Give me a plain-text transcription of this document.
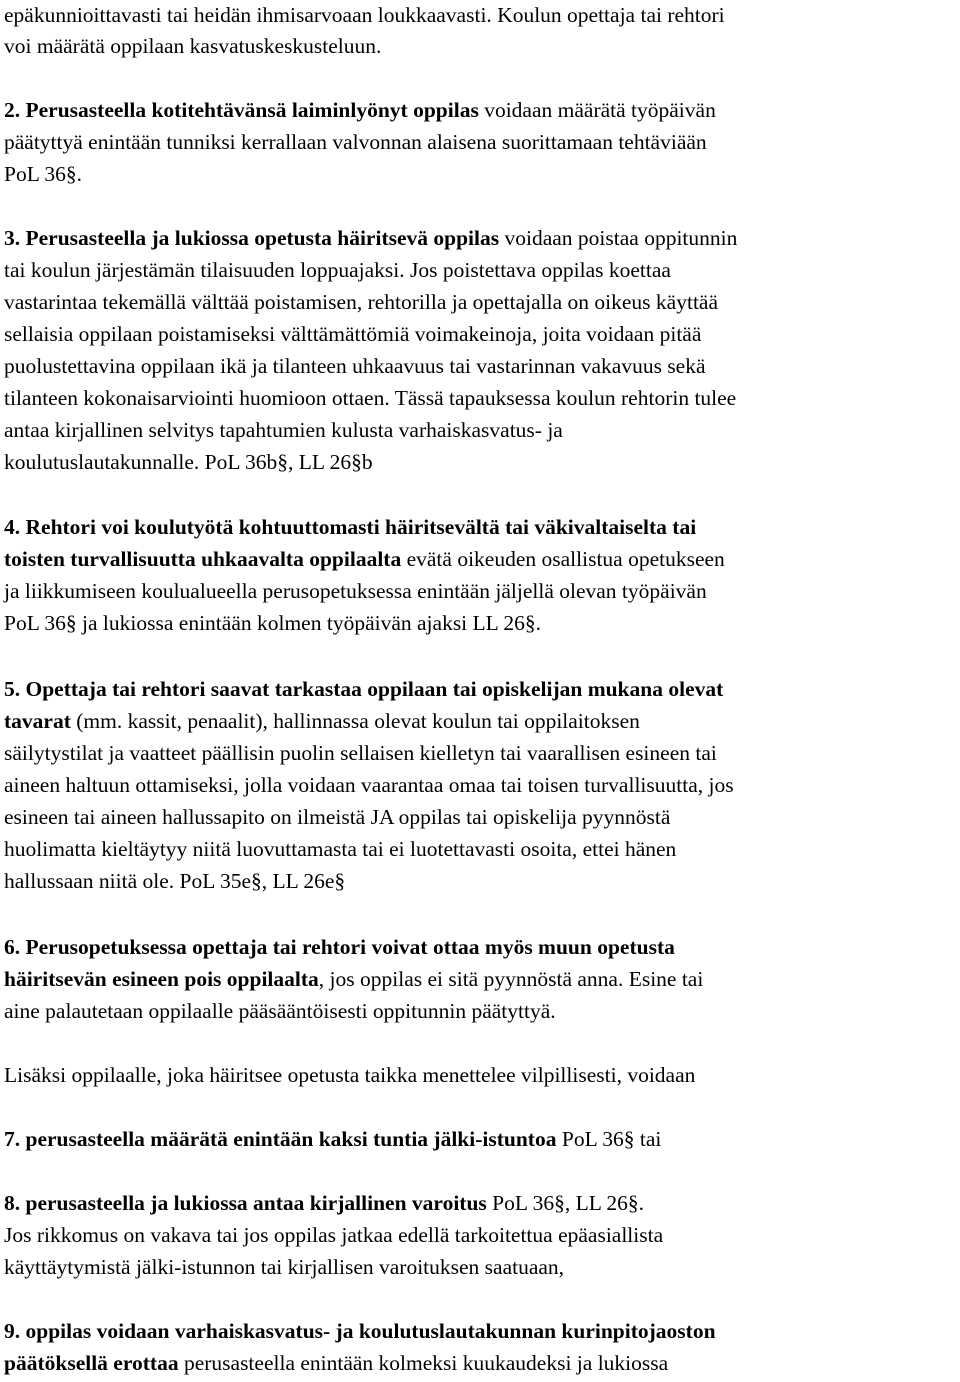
epäkunnioittavasti tai heidän ihmisarvoaan loukkaavasti. Koulun opettaja tai rehtori
voi määrätä oppilaan kasvatuskeskusteluun.
2. Perusasteella kotitehtävänsä laiminlyönyt oppilas voidaan määrätä työpäivän
päätyttyä enintään tunniksi kerrallaan valvonnan alaisena suorittamaan tehtäviään
PoL 36§.
3. Perusasteella ja lukiossa opetusta häiritsevä oppilas voidaan poistaa oppitunnin
tai koulun järjestämän tilaisuuden loppuajaksi. Jos poistettava oppilas koettaa
vastarintaa tekemällä välttää poistamisen, rehtorilla ja opettajalla on oikeus käyttää
sellaisia oppilaan poistamiseksi välttämättömiä voimakeinoja, joita voidaan pitää
puolustettavina oppilaan ikä ja tilanteen uhkaavuus tai vastarinnan vakavuus sekä
tilanteen kokonaisarviointi huomioon ottaen. Tässä tapauksessa koulun rehtorin tulee
antaa kirjallinen selvitys tapahtumien kulusta varhaiskasvatus- ja
koulutuslautakunnalle. PoL 36b§, LL 26§b
4. Rehtori voi koulutyötä kohtuuttomasti häiritsevältä tai väkivaltaiselta tai
toisten turvallisuutta uhkaavalta oppilaalta evätä oikeuden osallistua opetukseen
ja liikkumiseen koulualueella perusopetuksessa enintään jäljellä olevan työpäivän
PoL 36§ ja lukiossa enintään kolmen työpäivän ajaksi LL 26§.
5. Opettaja tai rehtori saavat tarkastaa oppilaan tai opiskelijan mukana olevat
tavarat (mm. kassit, penaalit), hallinnassa olevat koulun tai oppilaitoksen
säilytystilat ja vaatteet päällisin puolin sellaisen kielletyn tai vaarallisen esineen tai
aineen haltuun ottamiseksi, jolla voidaan vaarantaa omaa tai toisen turvallisuutta, jos
esineen tai aineen hallussapito on ilmeistä JA oppilas tai opiskelija pyynnöstä
huolimatta kieltäytyy niitä luovuttamasta tai ei luotettavasti osoita, ettei hänen
hallussaan niitä ole. PoL 35e§, LL 26e§
6. Perusopetuksessa opettaja tai rehtori voivat ottaa myös muun opetusta
häiritsevän esineen pois oppilaalta, jos oppilas ei sitä pyynnöstä anna. Esine tai
aine palautetaan oppilaalle pääsääntöisesti oppitunnin päätyttyä.
Lisäksi oppilaalle, joka häiritsee opetusta taikka menettelee vilpillisesti, voidaan
7. perusasteella määrätä enintään kaksi tuntia jälki-istuntoa PoL 36§ tai
8. perusasteella ja lukiossa antaa kirjallinen varoitus PoL 36§, LL 26§.
Jos rikkomus on vakava tai jos oppilas jatkaa edellä tarkoitettua epäasiallista
käyttäytymistä jälki-istunnon tai kirjallisen varoituksen saatuaan,
9. oppilas voidaan varhaiskasvatus- ja koulutuslautakunnan kurinpitojaoston
päätöksellä erottaa perusasteella enintään kolmeksi kuukaudeksi ja lukiossa
